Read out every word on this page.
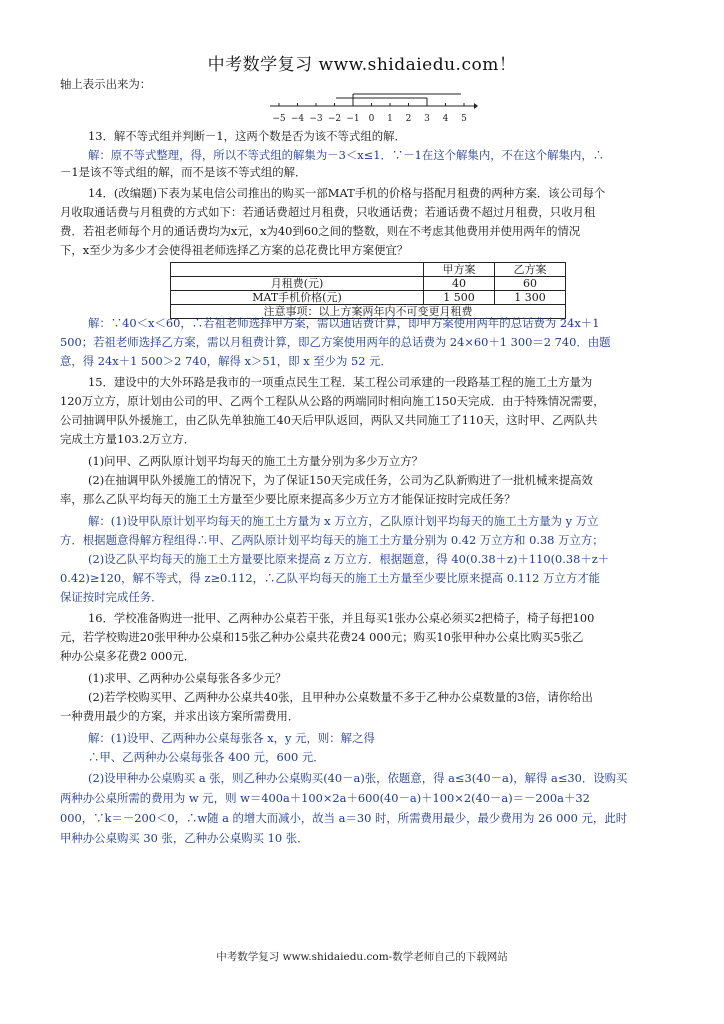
中考数学复习 www.shidaiedu.com！
轴上表示出来为：
−5 −4 −3 −2 −1 0 1 2 3 4 5
13．解不等式组并判断－1，这两个数是否为该不等式组的解．
解：原不等式整理，得，所以不等式组的解集为－3＜x≤1．∵－1在这个解集内，不在这个解集内，∴
－1是该不等式组的解，而不是该不等式组的解．
14．(改编题)下表为某电信公司推出的购买一部MAT手机的价格与搭配月租费的两种方案．该公司每个
月收取通话费与月租费的方式如下：若通话费超过月租费，只收通话费；若通话费不超过月租费，只收月租
费．若祖老师每个月的通话费均为x元，x为40到60之间的整数，则在不考虑其他费用并使用两年的情况
下，x至少为多少才会使得祖老师选择乙方案的总花费比甲方案便宜？
	甲方案	乙方案
月租费(元)	40	60
MAT手机价格(元)	1 500	1 300
注意事项：以上方案两年内不可变更月租费		
解：∵40＜x＜60，∴若祖老师选择甲方案，需以通话费计算，即甲方案使用两年的总话费为 24x＋1
500；若祖老师选择乙方案，需以月租费计算，即乙方案使用两年的总话费为 24×60＋1 300＝2 740．由题
意，得 24x＋1 500＞2 740，解得 x＞51，即 x 至少为 52 元．
15．建设中的大外环路是我市的一项重点民生工程．某工程公司承建的一段路基工程的施工土方量为
120万立方，原计划由公司的甲、乙两个工程队从公路的两端同时相向施工150天完成．由于特殊情况需要，
公司抽调甲队外援施工，由乙队先单独施工40天后甲队返回，两队又共同施工了110天，这时甲、乙两队共
完成土方量103.2万立方．
(1)问甲、乙两队原计划平均每天的施工土方量分别为多少万立方？
(2)在抽调甲队外援施工的情况下，为了保证150天完成任务，公司为乙队新购进了一批机械来提高效
率，那么乙队平均每天的施工土方量至少要比原来提高多少万立方才能保证按时完成任务？
解：(1)设甲队原计划平均每天的施工土方量为 x 万立方，乙队原计划平均每天的施工土方量为 y 万立
方．根据题意得解方程组得∴甲、乙两队原计划平均每天的施工土方量分别为 0.42 万立方和 0.38 万立方；
(2)设乙队平均每天的施工土方量要比原来提高 z 万立方．根据题意，得 40(0.38＋z)＋110(0.38＋z＋
0.42)≥120，解不等式，得 z≥0.112，∴乙队平均每天的施工土方量至少要比原来提高 0.112 万立方才能
保证按时完成任务．
16．学校准备购进一批甲、乙两种办公桌若干张，并且每买1张办公桌必须买2把椅子，椅子每把100
元，若学校购进20张甲种办公桌和15张乙种办公桌共花费24 000元；购买10张甲种办公桌比购买5张乙
种办公桌多花费2 000元．
(1)求甲、乙两种办公桌每张各多少元？
(2)若学校购买甲、乙两种办公桌共40张，且甲种办公桌数量不多于乙种办公桌数量的3倍，请你给出
一种费用最少的方案，并求出该方案所需费用．
解：(1)设甲、乙两种办公桌每张各 x，y 元，则：解之得
∴甲、乙两种办公桌每张各 400 元，600 元．
(2)设甲种办公桌购买 a 张，则乙种办公桌购买(40－a)张，依题意，得 a≤3(40－a)，解得 a≤30．设购买
两种办公桌所需的费用为 w 元，则 w＝400a＋100×2a＋600(40－a)＋100×2(40－a)＝－200a＋32
000，∵k＝－200＜0，∴w随 a 的增大而减小，故当 a＝30 时，所需费用最少，最少费用为 26 000 元，此时
甲种办公桌购买 30 张，乙种办公桌购买 10 张．
中考数学复习 www.shidaiedu.com-数学老师自己的下载网站
